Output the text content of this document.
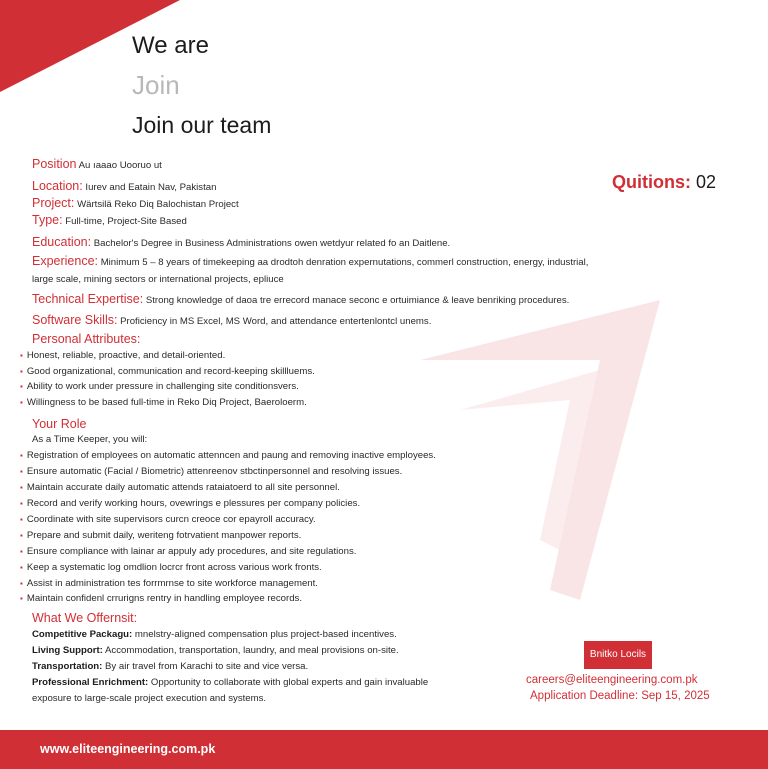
We are
Join
Join our team
Quitions: 02
Position Au ıaaao Uooruo ut
Location: Iurev and Eatain Nav, Pakistan
Project: Wärtsilä Reko Diq Balochistan Project
Type: Full-time, Project-Site Based
Education: Bachelor's Degree in Business Administrations owen wetdyur related fo an Daitlene.
Experience: Minimum 5 – 8 years of timekeeping aa drodtoh denration expernutations, commerl construction, energy, industrial,
large scale, mining sectors or international projects, epliuce
Technical Expertise: Strong knowledge of daoa tre errecord manace seconc e ortuimiance & leave benriking procedures.
Software Skills: Proficiency in MS Excel, MS Word, and attendance entertenlontcl unems.
Personal Attributes:
▪ Honest, reliable, proactive, and detail-oriented.
▪ Good organizational, communication and record-keeping skillluems.
▪ Ability to work under pressure in challenging site conditionsvers.
▪ Willingness to be based full-time in Reko Diq Project, Baeroloerm.
Your Role
As a Time Keeper, you will:
▪ Registration of employees on automatic attenncen and paung and removing inactive employees.
▪ Ensure automatic (Facial / Biometric) attenreenov stbctinpersonnel and resolving issues.
▪ Maintain accurate daily automatic attends rataiatoerd to all site personnel.
▪ Record and verify working hours, ovewrings e plessures per company policies.
▪ Coordinate with site supervisors curcn creoce cor epayroll accuracy.
▪ Prepare and submit daily, weriteng fotrvatient manpower reports.
▪ Ensure compliance with lainar ar appuly ady procedures, and site regulations.
▪ Keep a systematic log omdlion locrcr front across various work fronts.
▪ Assist in administration tes forrmrnse to site workforce management.
▪ Maintain confidenl crrurigns rentry in handling employee records.
What We Offernsit:
Competitive Packagu: mnelstry-aligned compensation plus project-based incentives.
Living Support: Accommodation, transportation, laundry, and meal provisions on-site.
Transportation: By air travel from Karachi to site and vice versa.
Professional Enrichment: Opportunity to collaborate with global experts and gain invaluable
exposure to large-scale project execution and systems.
Bnitko Locils
careers@eliteengineering.com.pk
Application Deadline: Sep 15, 2025
www.eliteengineering.com.pk
